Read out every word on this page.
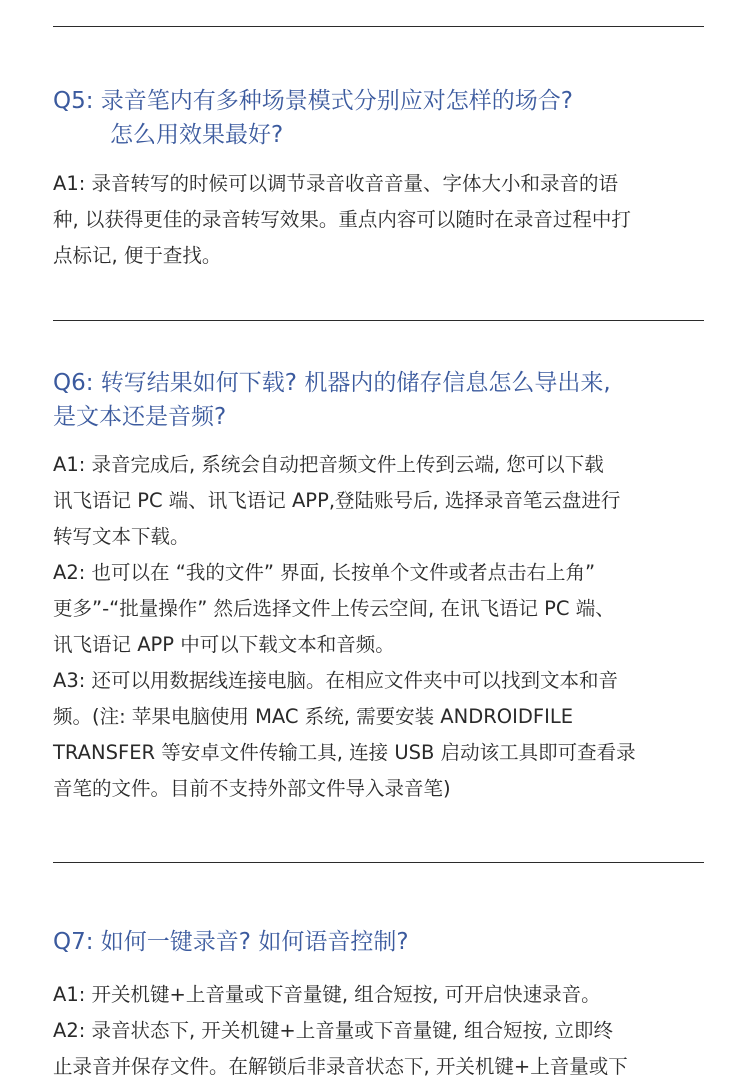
Q5: 录音笔内有多种场景模式分别应对怎样的场合?
怎么用效果最好?

A1: 录音转写的时候可以调节录音收音音量、字体大小和录音的语

种, 以获得更佳的录音转写效果。重点内容可以随时在录音过程中打

点标记, 便于查找。

Q6: 转写结果如何下载? 机器内的储存信息怎么导出来,
是文本还是音频?

A1: 录音完成后, 系统会自动把音频文件上传到云端, 您可以下载

讯飞语记 PC 端、讯飞语记 APP,登陆账号后, 选择录音笔云盘进行

转写文本下载。

A2: 也可以在 “我的文件” 界面, 长按单个文件或者点击右上角”

更多”-“批量操作” 然后选择文件上传云空间, 在讯飞语记 PC 端、

讯飞语记 APP 中可以下载文本和音频。

A3: 还可以用数据线连接电脑。在相应文件夹中可以找到文本和音

频。(注: 苹果电脑使用 MAC 系统, 需要安装 ANDROIDFILE

TRANSFER 等安卓文件传输工具, 连接 USB 启动该工具即可查看录

音笔的文件。目前不支持外部文件导入录音笔)

Q7: 如何一键录音? 如何语音控制?

A1: 开关机键+上音量或下音量键, 组合短按, 可开启快速录音。

A2: 录音状态下, 开关机键+上音量或下音量键, 组合短按, 立即终

止录音并保存文件。在解锁后非录音状态下, 开关机键+上音量或下
